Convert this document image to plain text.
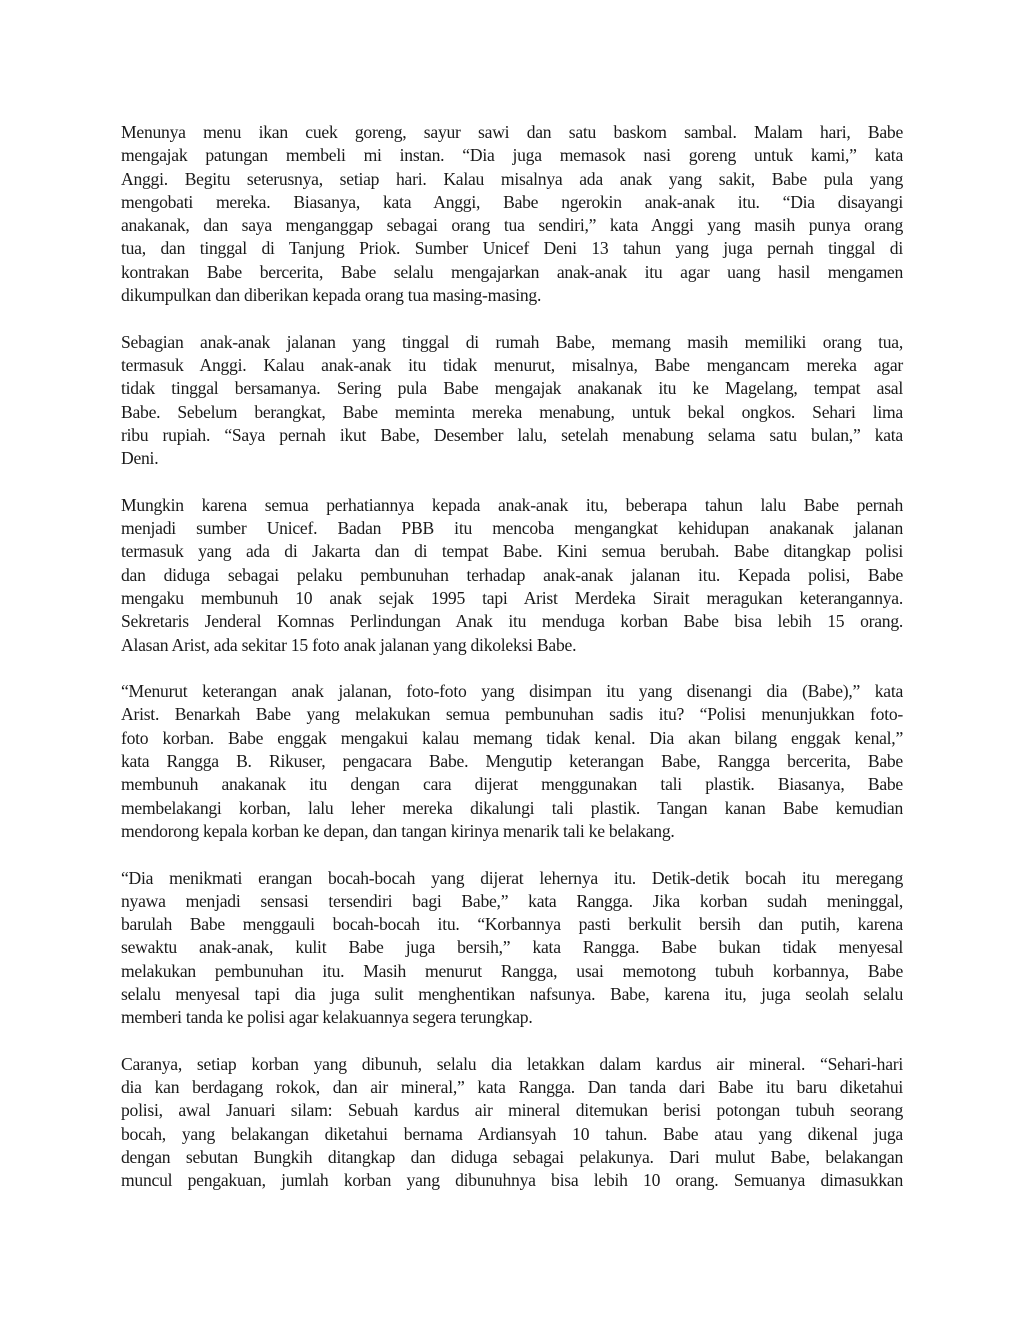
Menunya menu ikan cuek goreng, sayur sawi dan satu baskom sambal. Malam hari, Babe
mengajak patungan membeli mi instan. “Dia juga memasok nasi goreng untuk kami,” kata
Anggi. Begitu seterusnya, setiap hari. Kalau misalnya ada anak yang sakit, Babe pula yang
mengobati mereka. Biasanya, kata Anggi, Babe ngerokin anak-anak itu. “Dia disayangi
anakanak, dan saya menganggap sebagai orang tua sendiri,” kata Anggi yang masih punya orang
tua, dan tinggal di Tanjung Priok. Sumber Unicef Deni 13 tahun yang juga pernah tinggal di
kontrakan Babe bercerita, Babe selalu mengajarkan anak-anak itu agar uang hasil mengamen
dikumpulkan dan diberikan kepada orang tua masing-masing.

Sebagian anak-anak jalanan yang tinggal di rumah Babe, memang masih memiliki orang tua,
termasuk Anggi. Kalau anak-anak itu tidak menurut, misalnya, Babe mengancam mereka agar
tidak tinggal bersamanya. Sering pula Babe mengajak anakanak itu ke Magelang, tempat asal
Babe. Sebelum berangkat, Babe meminta mereka menabung, untuk bekal ongkos. Sehari lima
ribu rupiah. “Saya pernah ikut Babe, Desember lalu, setelah menabung selama satu bulan,” kata
Deni.

Mungkin karena semua perhatiannya kepada anak-anak itu, beberapa tahun lalu Babe pernah
menjadi sumber Unicef. Badan PBB itu mencoba mengangkat kehidupan anakanak jalanan
termasuk yang ada di Jakarta dan di tempat Babe. Kini semua berubah. Babe ditangkap polisi
dan diduga sebagai pelaku pembunuhan terhadap anak-anak jalanan itu. Kepada polisi, Babe
mengaku membunuh 10 anak sejak 1995 tapi Arist Merdeka Sirait meragukan keterangannya.
Sekretaris Jenderal Komnas Perlindungan Anak itu menduga korban Babe bisa lebih 15 orang.
Alasan Arist, ada sekitar 15 foto anak jalanan yang dikoleksi Babe.

“Menurut keterangan anak jalanan, foto-foto yang disimpan itu yang disenangi dia (Babe),” kata
Arist. Benarkah Babe yang melakukan semua pembunuhan sadis itu? “Polisi menunjukkan foto-
foto korban. Babe enggak mengakui kalau memang tidak kenal. Dia akan bilang enggak kenal,”
kata Rangga B. Rikuser, pengacara Babe. Mengutip keterangan Babe, Rangga bercerita, Babe
membunuh anakanak itu dengan cara dijerat menggunakan tali plastik. Biasanya, Babe
membelakangi korban, lalu leher mereka dikalungi tali plastik. Tangan kanan Babe kemudian
mendorong kepala korban ke depan, dan tangan kirinya menarik tali ke belakang.

“Dia menikmati erangan bocah-bocah yang dijerat lehernya itu. Detik-detik bocah itu meregang
nyawa menjadi sensasi tersendiri bagi Babe,” kata Rangga. Jika korban sudah meninggal,
barulah Babe menggauli bocah-bocah itu. “Korbannya pasti berkulit bersih dan putih, karena
sewaktu anak-anak, kulit Babe juga bersih,” kata Rangga. Babe bukan tidak menyesal
melakukan pembunuhan itu. Masih menurut Rangga, usai memotong tubuh korbannya, Babe
selalu menyesal tapi dia juga sulit menghentikan nafsunya. Babe, karena itu, juga seolah selalu
memberi tanda ke polisi agar kelakuannya segera terungkap.

Caranya, setiap korban yang dibunuh, selalu dia letakkan dalam kardus air mineral. “Sehari-hari
dia kan berdagang rokok, dan air mineral,” kata Rangga. Dan tanda dari Babe itu baru diketahui
polisi, awal Januari silam: Sebuah kardus air mineral ditemukan berisi potongan tubuh seorang
bocah, yang belakangan diketahui bernama Ardiansyah 10 tahun. Babe atau yang dikenal juga
dengan sebutan Bungkih ditangkap dan diduga sebagai pelakunya. Dari mulut Babe, belakangan
muncul pengakuan, jumlah korban yang dibunuhnya bisa lebih 10 orang. Semuanya dimasukkan
